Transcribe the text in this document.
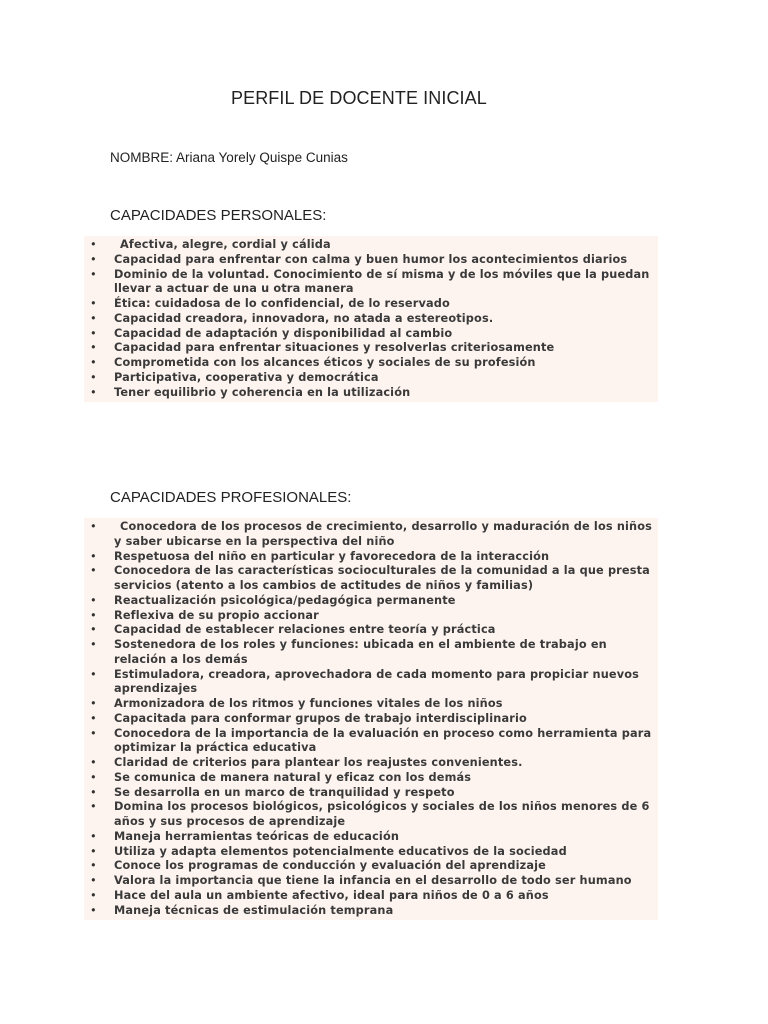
PERFIL DE DOCENTE INICIAL
NOMBRE: Ariana Yorely Quispe Cunias
CAPACIDADES PERSONALES:
• Afectiva, alegre, cordial y cálida
• Capacidad para enfrentar con calma y buen humor los acontecimientos diarios
• Dominio de la voluntad. Conocimiento de sí misma y de los móviles que la puedan llevar a actuar de una u otra manera
• Ética: cuidadosa de lo confidencial, de lo reservado
• Capacidad creadora, innovadora, no atada a estereotipos.
• Capacidad de adaptación y disponibilidad al cambio
• Capacidad para enfrentar situaciones y resolverlas criteriosamente
• Comprometida con los alcances éticos y sociales de su profesión
• Participativa, cooperativa y democrática
• Tener equilibrio y coherencia en la utilización
CAPACIDADES PROFESIONALES:
• Conocedora de los procesos de crecimiento, desarrollo y maduración de los niños y saber ubicarse en la perspectiva del niño
• Respetuosa del niño en particular y favorecedora de la interacción
• Conocedora de las características socioculturales de la comunidad a la que presta servicios (atento a los cambios de actitudes de niños y familias)
• Reactualización psicológica/pedagógica permanente
• Reflexiva de su propio accionar
• Capacidad de establecer relaciones entre teoría y práctica
• Sostenedora de los roles y funciones: ubicada en el ambiente de trabajo en relación a los demás
• Estimuladora, creadora, aprovechadora de cada momento para propiciar nuevos aprendizajes
• Armonizadora de los ritmos y funciones vitales de los niños
• Capacitada para conformar grupos de trabajo interdisciplinario
• Conocedora de la importancia de la evaluación en proceso como herramienta para optimizar la práctica educativa
• Claridad de criterios para plantear los reajustes convenientes.
• Se comunica de manera natural y eficaz con los demás
• Se desarrolla en un marco de tranquilidad y respeto
• Domina los procesos biológicos, psicológicos y sociales de los niños menores de 6 años y sus procesos de aprendizaje
• Maneja herramientas teóricas de educación
• Utiliza y adapta elementos potencialmente educativos de la sociedad
• Conoce los programas de conducción y evaluación del aprendizaje
• Valora la importancia que tiene la infancia en el desarrollo de todo ser humano
• Hace del aula un ambiente afectivo, ideal para niños de 0 a 6 años
• Maneja técnicas de estimulación temprana
